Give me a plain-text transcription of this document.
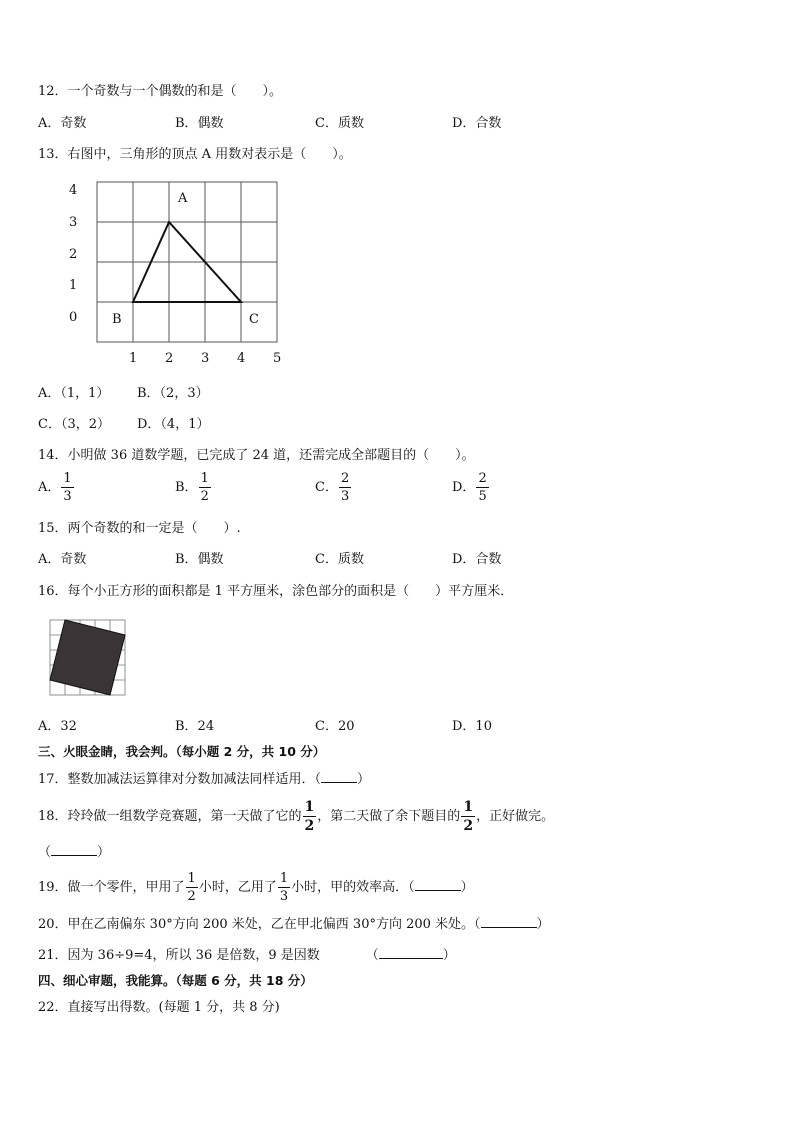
12．一个奇数与一个偶数的和是（　　）。
A．奇数	B．偶数	C．质数	D．合数
13．右图中，三角形的顶点 A 用数对表示是（　　）。
A
B	C
4
3
2
1
0
1 2 3 4 5
A．（1，1） B．（2，3）
C．（3，2） D．（4，1）
14．小明做 36 道数学题，已完成了 24 道，还需完成全部题目的（　　）。
A． $\frac{1}{3}$	B． $\frac{1}{2}$	C． $\frac{2}{3}$	D． $\frac{2}{5}$
15．两个奇数的和一定是（　　）.
A．奇数	B．偶数	C．质数	D．合数
16．每个小正方形的面积都是 1 平方厘米，涂色部分的面积是（　　）平方厘米．
A．32	B．24	C．20	D．10
三、火眼金睛，我会判。（每小题 2 分，共 10 分）
17．整数加减法运算律对分数加减法同样适用．（	）
18．玲玲做一组数学竞赛题，第一天做了它的 $\frac{1}{2}$ ，第二天做了余下题目的 $\frac{1}{2}$ ，正好做完。
（	）
19．做一个零件，甲用了 $\frac{1}{2}$ 小时，乙用了 $\frac{1}{3}$ 小时，甲的效率高．（	）
20．甲在乙南偏东 30°方向 200 米处，乙在甲北偏西 30°方向 200 米处。（	）
21．因为 36÷9=4，所以 36 是倍数，9 是因数	（	）
四、细心审题，我能算。（每题 6 分，共 18 分）
22．直接写出得数。(每题 1 分，共 8 分)
